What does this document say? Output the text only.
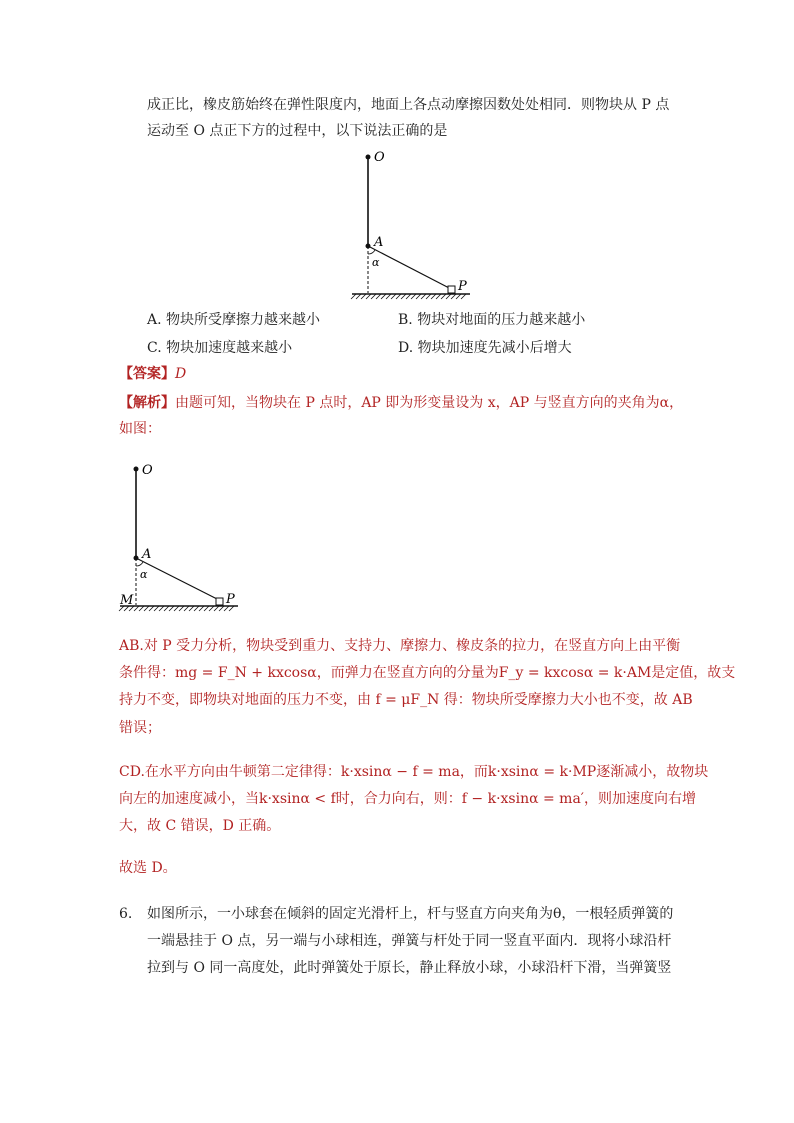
成正比，橡皮筋始终在弹性限度内，地面上各点动摩擦因数处处相同．则物块从 P 点
运动至 O 点正下方的过程中，以下说法正确的是
O
A
α
P
A. 物块所受摩擦力越来越小	B. 物块对地面的压力越来越小
C. 物块加速度越来越小	D. 物块加速度先减小后增大
【答案】D
【解析】由题可知，当物块在 P 点时，AP 即为形变量设为 x，AP 与竖直方向的夹角为α，
如图：
O
A
α
M	P
AB.对 P 受力分析，物块受到重力、支持力、摩擦力、橡皮条的拉力，在竖直方向上由平衡
条件得：mg = F_N + kxcosα，而弹力在竖直方向的分量为F_y = kxcosα = k·AM是定值，故支
持力不变，即物块对地面的压力不变，由 f = μF_N 得：物块所受摩擦力大小也不变，故 AB
错误；
CD.在水平方向由牛顿第二定律得：k·xsinα − f = ma，而k·xsinα = k·MP逐渐减小，故物块
向左的加速度减小，当k·xsinα < f时，合力向右，则：f − k·xsinα = ma′，则加速度向右增
大，故 C 错误，D 正确。
故选 D。
6. 如图所示，一小球套在倾斜的固定光滑杆上，杆与竖直方向夹角为θ，一根轻质弹簧的
一端悬挂于 O 点，另一端与小球相连，弹簧与杆处于同一竖直平面内．现将小球沿杆
拉到与 O 同一高度处，此时弹簧处于原长，静止释放小球，小球沿杆下滑，当弹簧竖
